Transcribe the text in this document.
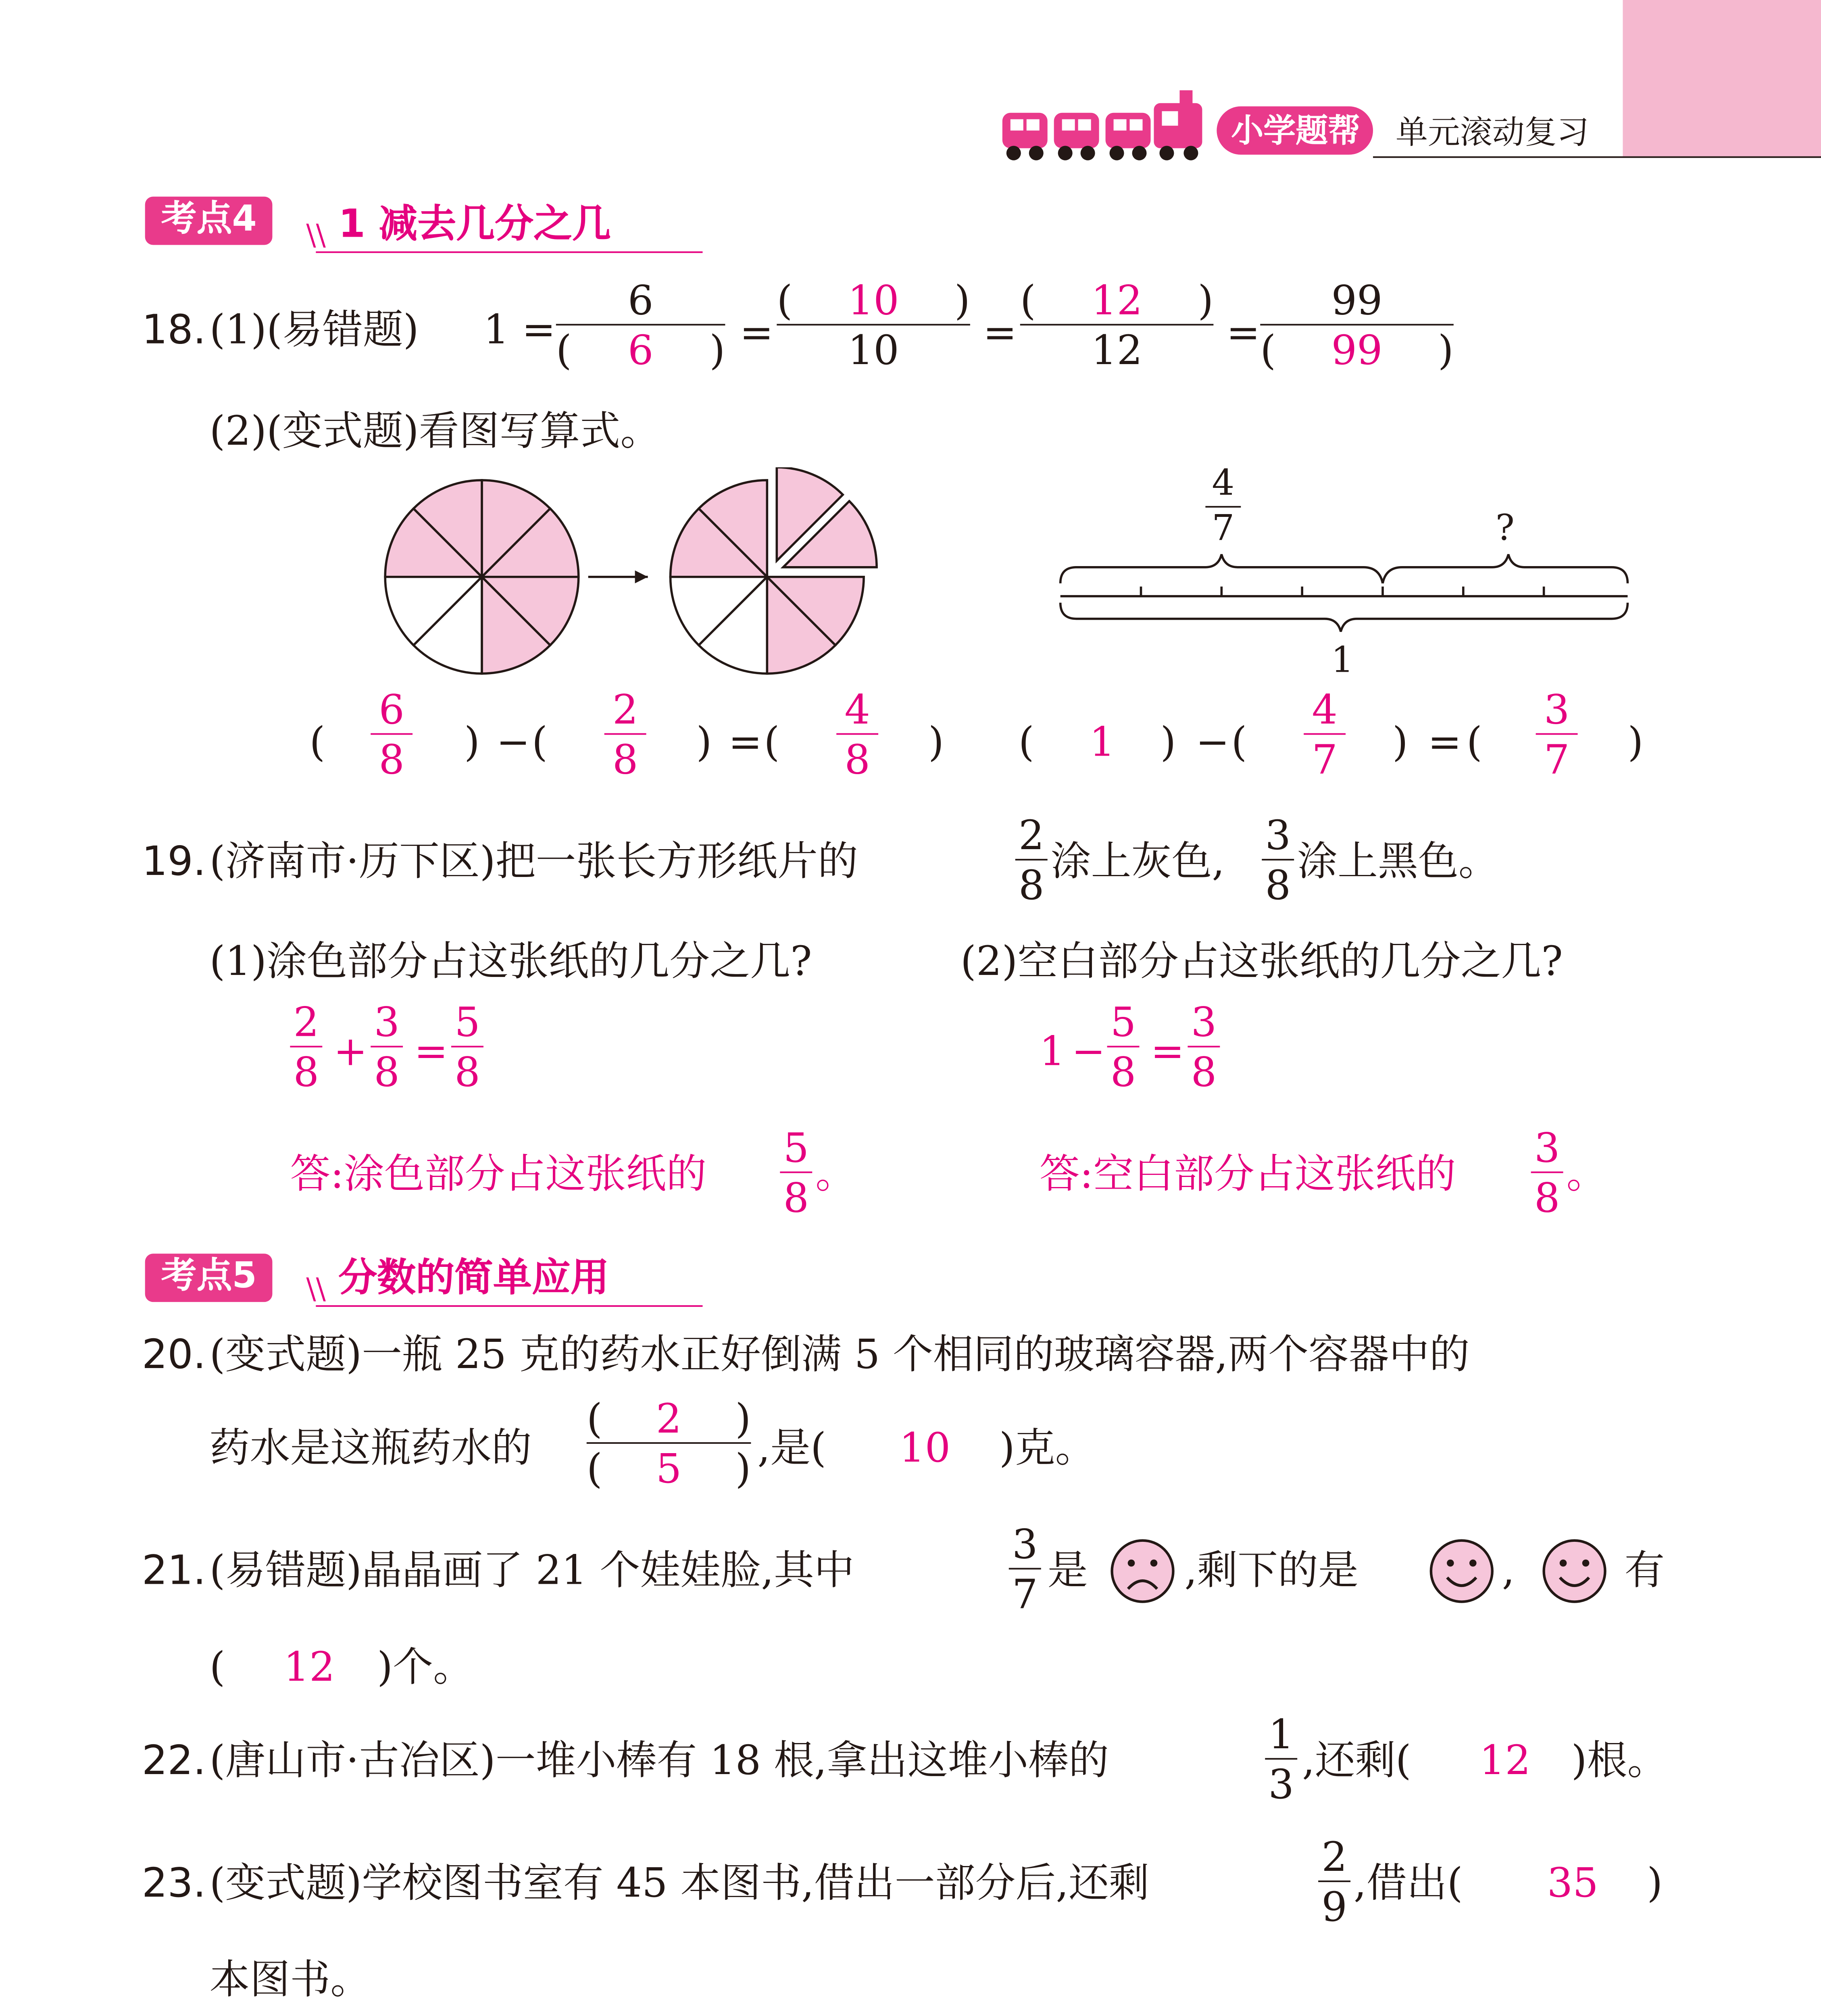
小学题帮	单元滚动复习
考点4	1 减去几分之几
\\
18. (1)(易错题)	1 =
6
(	6	) =
(	10	)
10	=
(	12	)
12	=
99
(	99	)
(2)(变式题)看图写算式。
4
7	?
1
(
6
8	) − (
2
8	) = (
4
8	)	(	1	) − (
4
7	) = (
3
7	)
19. (济南市·历下区)把一张长方形纸片的
2
8
涂上灰色,
3
8
涂上黑色。
(1)涂色部分占这张纸的几分之几?	(2)空白部分占这张纸的几分之几?
2
8	+
3
8	=
5
8	1 −
5
8	=
3
8
答:涂色部分占这张纸的
5
8
。	答:空白部分占这张纸的
3
8
。
考点5	分数的简单应用
\\
20. (变式题)一瓶 25 克的药水正好倒满 5 个相同的玻璃容器,两个容器中的
药水是这瓶药水的
(	2	)
(	5	) ,是(	10	)克。
21. (易错题)晶晶画了 21 个娃娃脸,其中
3
7
是	,剩下的是	,	有
(	12	)个。
22. (唐山市·古冶区)一堆小棒有 18 根,拿出这堆小棒的
1
3
,还剩(	12	)根。
23. (变式题)学校图书室有 45 本图书,借出一部分后,还剩
2
9
,借出(	35	)
本图书。
